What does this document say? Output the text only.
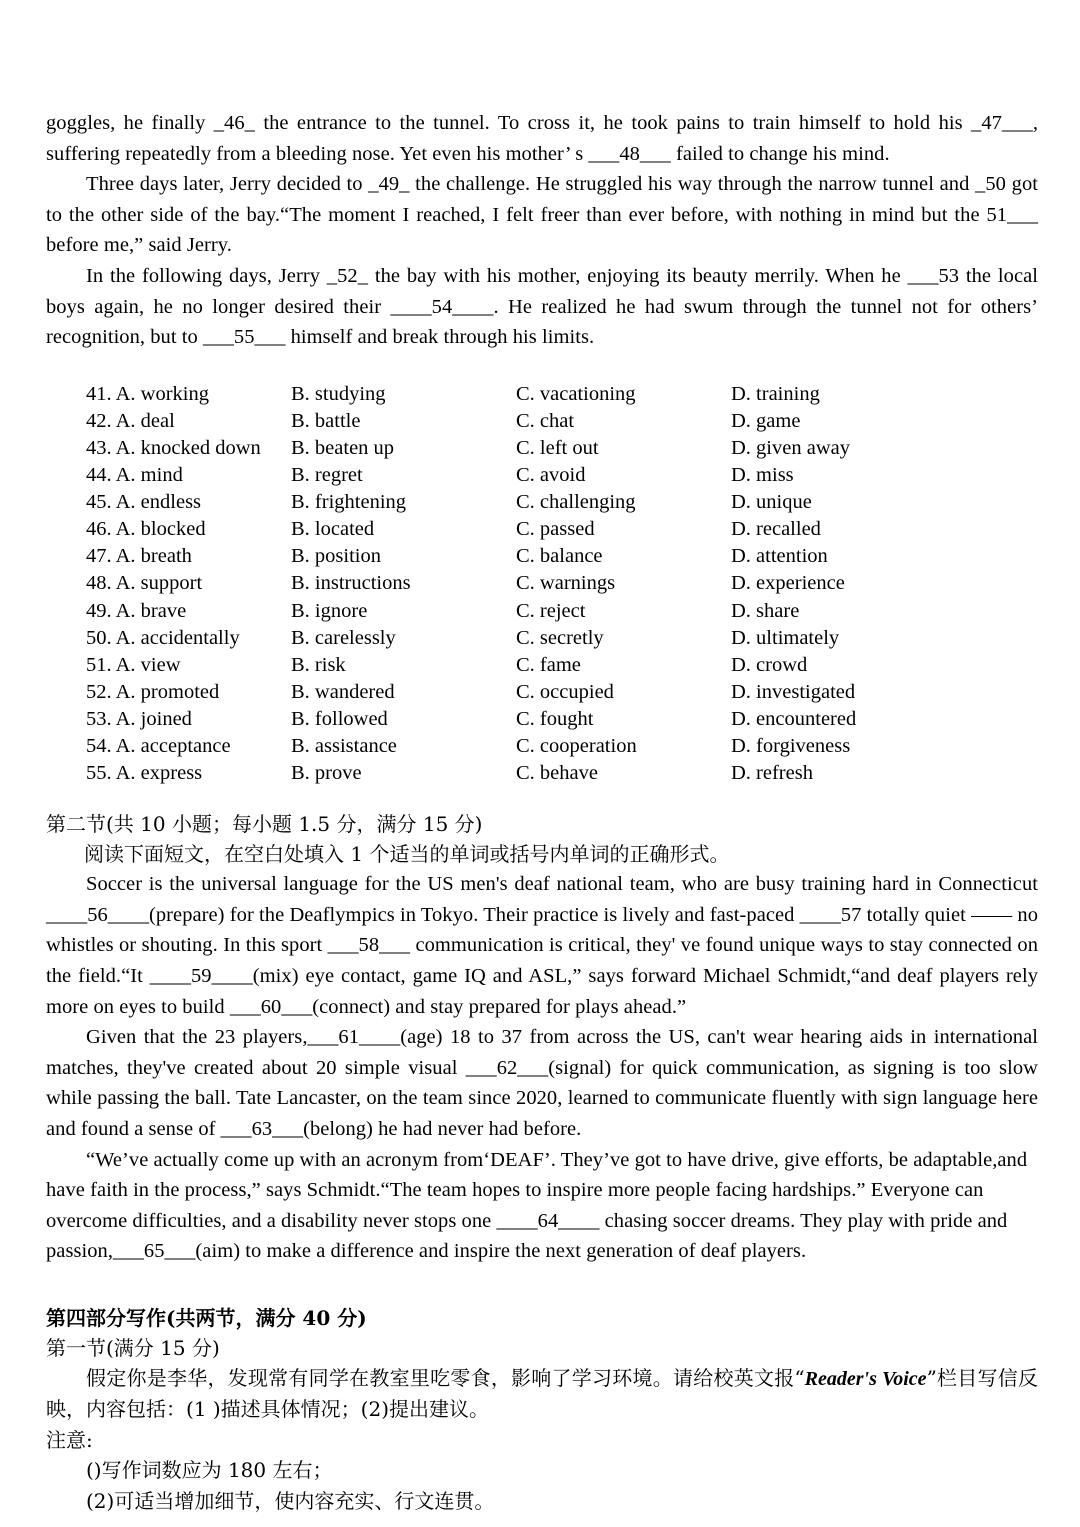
goggles, he finally _46_ the entrance to the tunnel. To cross it, he took pains to train himself to hold his _47___, suffering repeatedly from a bleeding nose. Yet even his mother’ s ___48___ failed to change his mind.

Three days later, Jerry decided to _49_ the challenge. He struggled his way through the narrow tunnel and _50 got to the other side of the bay.“The moment I reached, I felt freer than ever before, with nothing in mind but the 51___ before me,” said Jerry.

In the following days, Jerry _52_ the bay with his mother, enjoying its beauty merrily. When he ___53 the local boys again, he no longer desired their ____54____. He realized he had swum through the tunnel not for others’ recognition, but to ___55___ himself and break through his limits.

41. A. working	B. studying	C. vacationing	D. training
42. A. deal	B. battle	C. chat	D. game
43. A. knocked down	B. beaten up	C. left out	D. given away
44. A. mind	B. regret	C. avoid	D. miss
45. A. endless	B. frightening	C. challenging	D. unique
46. A. blocked	B. located	C. passed	D. recalled
47. A. breath	B. position	C. balance	D. attention
48. A. support	B. instructions	C. warnings	D. experience
49. A. brave	B. ignore	C. reject	D. share
50. A. accidentally	B. carelessly	C. secretly	D. ultimately
51. A. view	B. risk	C. fame	D. crowd
52. A. promoted	B. wandered	C. occupied	D. investigated
53. A. joined	B. followed	C. fought	D. encountered
54. A. acceptance	B. assistance	C. cooperation	D. forgiveness
55. A. express	B. prove	C. behave	D. refresh

第二节(共 10 小题；每小题 1.5 分，满分 15 分)

阅读下面短文，在空白处填入 1 个适当的单词或括号内单词的正确形式。

Soccer is the universal language for the US men's deaf national team, who are busy training hard in Connecticut ____56____(prepare) for the Deaflympics in Tokyo. Their practice is lively and fast-paced ____57 totally quiet —— no whistles or shouting. In this sport ___58___ communication is critical, they' ve found unique ways to stay connected on the field.“It ____59____(mix) eye contact, game IQ and ASL,” says forward Michael Schmidt,“and deaf players rely more on eyes to build ___60___(connect) and stay prepared for plays ahead.”

Given that the 23 players,___61____(age) 18 to 37 from across the US, can't wear hearing aids in international matches, they've created about 20 simple visual ___62___(signal) for quick communication, as signing is too slow while passing the ball. Tate Lancaster, on the team since 2020, learned to communicate fluently with sign language here and found a sense of ___63___(belong) he had never had before.

“We’ve actually come up with an acronym from‘DEAF’. They’ve got to have drive, give efforts, be adaptable,and have faith in the process,” says Schmidt.“The team hopes to inspire more people facing hardships.” Everyone can overcome difficulties, and a disability never stops one ____64____ chasing soccer dreams. They play with pride and passion,___65___(aim) to make a difference and inspire the next generation of deaf players.

第四部分写作(共两节，满分 40 分)

第一节(满分 15 分)

假定你是李华，发现常有同学在教室里吃零食，影响了学习环境。请给校英文报“Reader's Voice”栏目写信反映，内容包括：(1 )描述具体情况；(2)提出建议。

注意:

()写作词数应为 180 左右；

(2)可适当增加细节，使内容充实、行文连贯。
